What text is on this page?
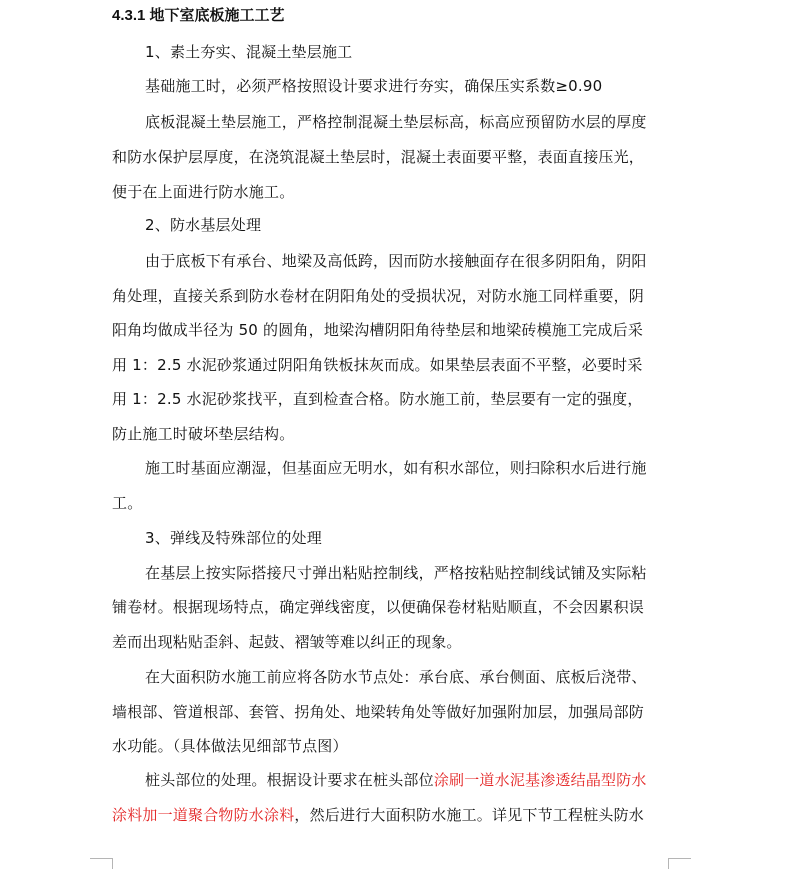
4.3.1 地下室底板施工工艺
1、素土夯实、混凝土垫层施工
基础施工时，必须严格按照设计要求进行夯实，确保压实系数≥0.90
底板混凝土垫层施工，严格控制混凝土垫层标高，标高应预留防水层的厚度
和防水保护层厚度，在浇筑混凝土垫层时，混凝土表面要平整，表面直接压光，
便于在上面进行防水施工。
2、防水基层处理
由于底板下有承台、地梁及高低跨，因而防水接触面存在很多阴阳角，阴阳
角处理，直接关系到防水卷材在阴阳角处的受损状况，对防水施工同样重要，阴
阳角均做成半径为 50 的圆角，地梁沟槽阴阳角待垫层和地梁砖模施工完成后采
用 1：2.5 水泥砂浆通过阴阳角铁板抹灰而成。如果垫层表面不平整，必要时采
用 1：2.5 水泥砂浆找平，直到检查合格。防水施工前，垫层要有一定的强度，
防止施工时破坏垫层结构。
施工时基面应潮湿，但基面应无明水，如有积水部位，则扫除积水后进行施
工。
3、弹线及特殊部位的处理
在基层上按实际搭接尺寸弹出粘贴控制线，严格按粘贴控制线试铺及实际粘
铺卷材。根据现场特点，确定弹线密度，以便确保卷材粘贴顺直，不会因累积误
差而出现粘贴歪斜、起鼓、褶皱等难以纠正的现象。
在大面积防水施工前应将各防水节点处：承台底、承台侧面、底板后浇带、
墙根部、管道根部、套管、拐角处、地梁转角处等做好加强附加层，加强局部防
水功能。（具体做法见细部节点图）
桩头部位的处理。根据设计要求在桩头部位涂刷一道水泥基渗透结晶型防水
涂料加一道聚合物防水涂料，然后进行大面积防水施工。详见下节工程桩头防水
